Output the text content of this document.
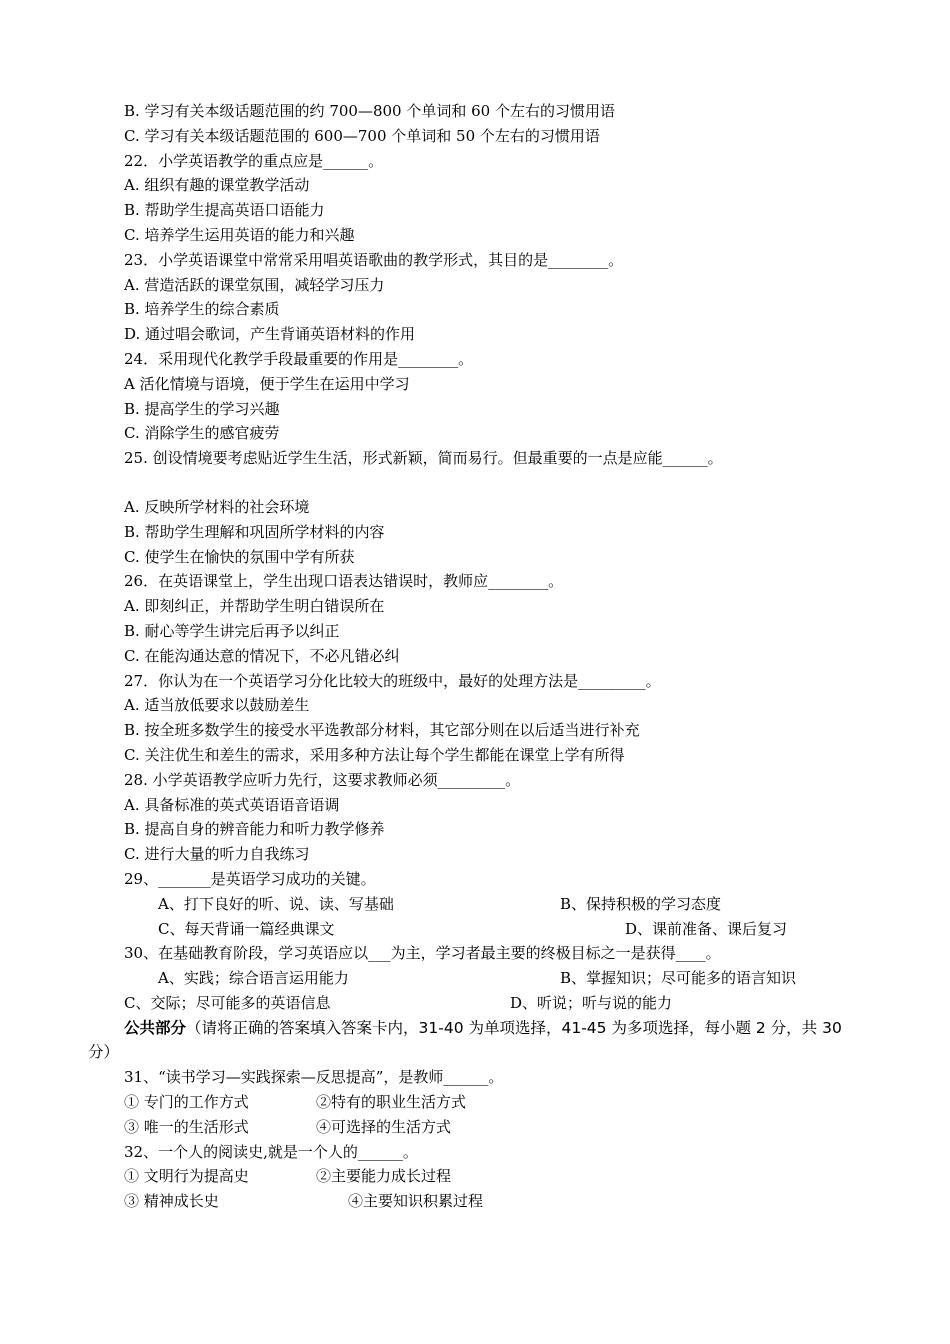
B. 学习有关本级话题范围的约 700—800 个单词和 60 个左右的习惯用语
C. 学习有关本级话题范围的 600—700 个单词和 50 个左右的习惯用语
22．小学英语教学的重点应是______。
A. 组织有趣的课堂教学活动
B. 帮助学生提高英语口语能力
C. 培养学生运用英语的能力和兴趣
23．小学英语课堂中常常采用唱英语歌曲的教学形式，其目的是________。
A. 营造活跃的课堂氛围，减轻学习压力
B. 培养学生的综合素质
D. 通过唱会歌词，产生背诵英语材料的作用
24．采用现代化教学手段最重要的作用是________。
A 活化情境与语境，便于学生在运用中学习
B. 提高学生的学习兴趣
C. 消除学生的感官疲劳
25. 创设情境要考虑贴近学生生活，形式新颖，简而易行。但最重要的一点是应能______。
A. 反映所学材料的社会环境
B. 帮助学生理解和巩固所学材料的内容
C. 使学生在愉快的氛围中学有所获
26．在英语课堂上，学生出现口语表达错误时，教师应________。
A. 即刻纠正，并帮助学生明白错误所在
B. 耐心等学生讲完后再予以纠正
C. 在能沟通达意的情况下，不必凡错必纠
27．你认为在一个英语学习分化比较大的班级中，最好的处理方法是_________。
A. 适当放低要求以鼓励差生
B. 按全班多数学生的接受水平选教部分材料，其它部分则在以后适当进行补充
C. 关注优生和差生的需求，采用多种方法让每个学生都能在课堂上学有所得
28. 小学英语教学应听力先行，这要求教师必须_________。
A. 具备标准的英式英语语音语调
B. 提高自身的辨音能力和听力教学修养
C. 进行大量的听力自我练习
29、_______是英语学习成功的关键。

A、打下良好的听、说、读、写基础

	B、保持积极的学习态度

C、每天背诵一篇经典课文

	D、课前准备、课后复习

30、在基础教育阶段，学习英语应以___为主，学习者最主要的终极目标之一是获得____。

A、实践；综合语言运用能力

	B、掌握知识；尽可能多的语言知识

C、交际；尽可能多的英语信息

	D、听说；听与说的能力

公共部分（请将正确的答案填入答案卡内，31-40 为单项选择，41-45 为多项选择，每小题 2 分，共 30
分）
31、“读书学习—实践探索—反思提高”，是教师______。

① 专门的工作方式

	②特有的职业生活方式

③ 唯一的生活形式

	④可选择的生活方式

32、一个人的阅读史,就是一个人的______。

① 文明行为提高史

	②主要能力成长过程

③ 精神成长史

	④主要知识积累过程
